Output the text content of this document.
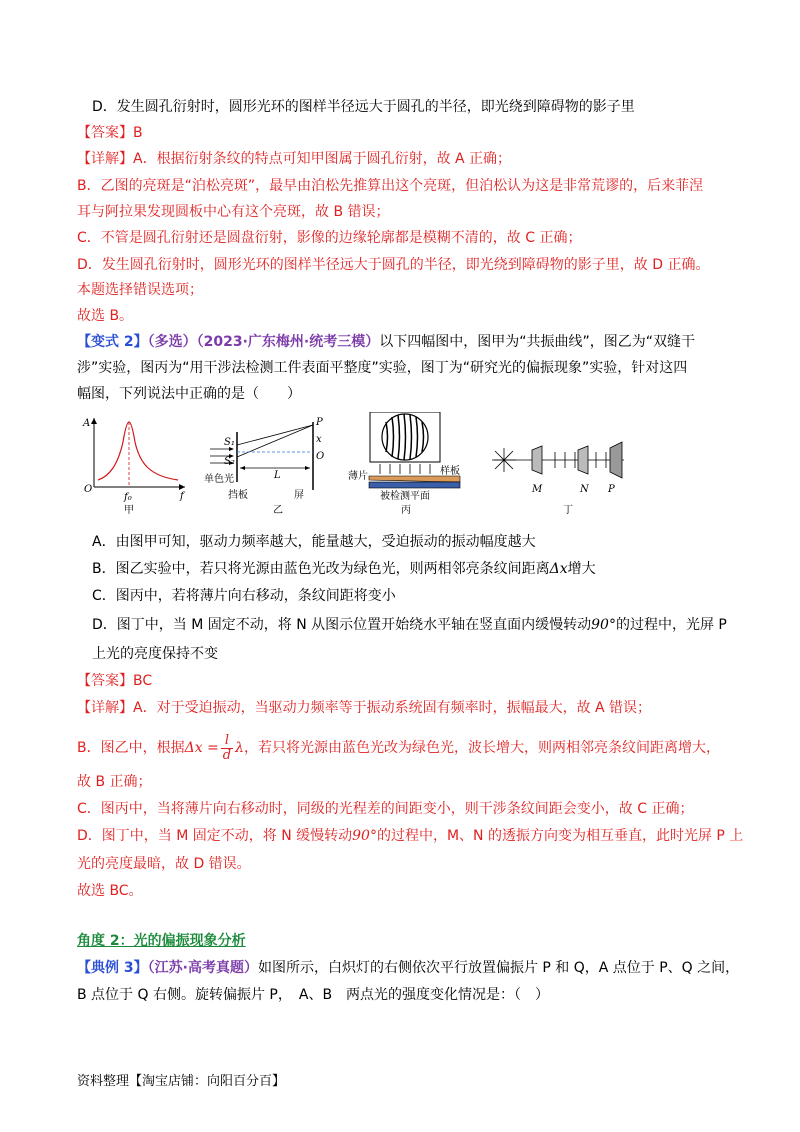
D．发生圆孔衍射时，圆形光环的图样半径远大于圆孔的半径，即光绕到障碍物的影子里
【答案】B
【详解】A．根据衍射条纹的特点可知甲图属于圆孔衍射，故 A 正确；
B．乙图的亮斑是“泊松亮斑”，最早由泊松先推算出这个亮斑，但泊松认为这是非常荒谬的，后来菲涅
耳与阿拉果发现圆板中心有这个亮斑，故 B 错误；
C．不管是圆孔衍射还是圆盘衍射，影像的边缘轮廓都是模糊不清的，故 C 正确；
D．发生圆孔衍射时，圆形光环的图样半径远大于圆孔的半径，即光绕到障碍物的影子里，故 D 正确。
本题选择错误选项；
故选 B。
【变式 2】（多选）（2023·广东梅州·统考三模）以下四幅图中，图甲为“共振曲线”，图乙为“双缝干
涉”实验，图丙为“用干涉法检测工件表面平整度”实验，图丁为“研究光的偏振现象”实验，针对这四
幅图，下列说法中正确的是（　　）
A
O
f
f₀
甲
S₁
S₂
P
x
O
L
单色光
挡板	屏
乙
薄片	样板
被检测平面
丙
M	N P
丁
A．由图甲可知，驱动力频率越大，能量越大，受迫振动的振动幅度越大
B．图乙实验中，若只将光源由蓝色光改为绿色光，则两相邻亮条纹间距离Δx增大
C．图丙中，若将薄片向右移动，条纹间距将变小
D．图丁中，当 M 固定不动，将 N 从图示位置开始绕水平轴在竖直面内缓慢转动90°的过程中，光屏 P
上光的亮度保持不变
【答案】BC
【详解】A．对于受迫振动，当驱动力频率等于振动系统固有频率时，振幅最大，故 A 错误；
B．图乙中，根据$\Delta x = \frac{l}{d}$ λ，若只将光源由蓝色光改为绿色光，波长增大，则两相邻亮条纹间距离增大，
故 B 正确；
C．图丙中，当将薄片向右移动时，同级的光程差的间距变小，则干涉条纹间距会变小，故 C 正确；
D．图丁中，当 M 固定不动，将 N 缓慢转动90°的过程中，M、N 的透振方向变为相互垂直，此时光屏 P 上
光的亮度最暗，故 D 错误。
故选 BC。
角度 2：光的偏振现象分析
【典例 3】（江苏·高考真题）如图所示，白炽灯的右侧依次平行放置偏振片 P 和 Q，A 点位于 P、Q 之间，
B 点位于 Q 右侧。旋转偏振片 P，　A、B　两点光的强度变化情况是：（　）
资料整理【淘宝店铺：向阳百分百】
